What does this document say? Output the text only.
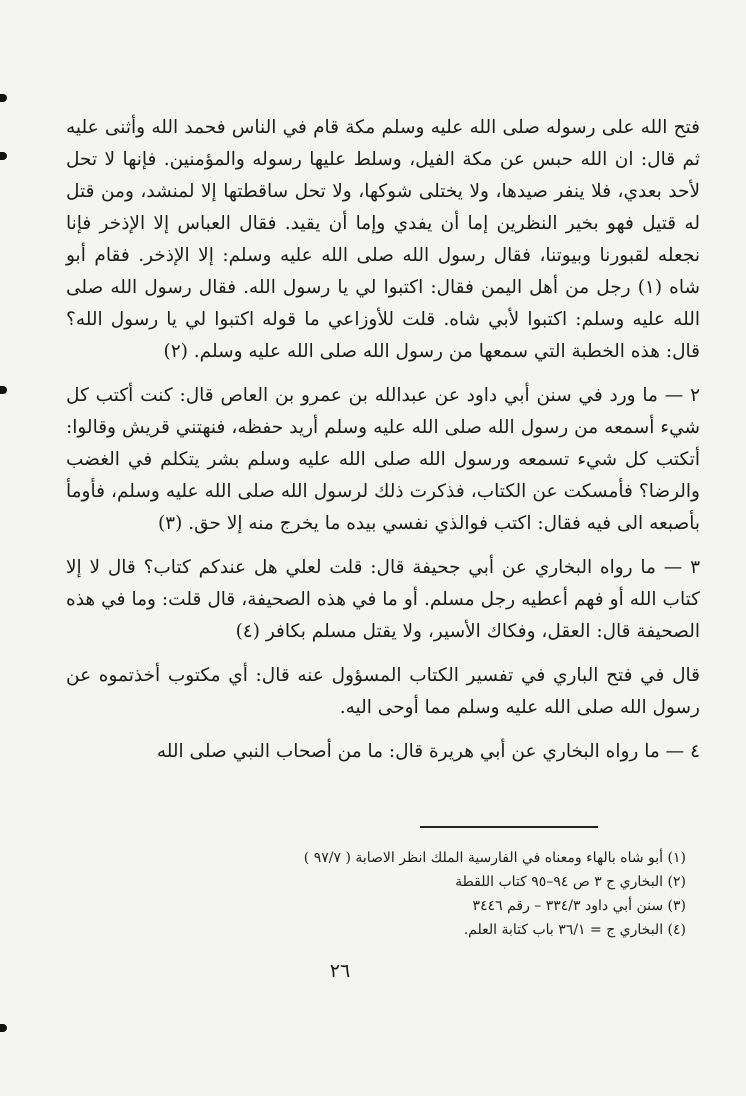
فتح الله على رسوله صلى الله عليه وسلم مكة قام في الناس فحمد الله وأثنى عليه ثم قال: ان الله حبس عن مكة الفيل، وسلط عليها رسوله والمؤمنين. فإنها لا تحل لأحد بعدي، فلا ينفر صيدها، ولا يختلى شوكها، ولا تحل ساقطتها إلا لمنشد، ومن قتل له قتيل فهو بخير النظرين إما أن يفدي وإما أن يقيد. فقال العباس إلا الإذخر فإنا نجعله لقبورنا وبيوتنا، فقال رسول الله صلى الله عليه وسلم: إلا الإذخر. فقام أبو شاه (١) رجل من أهل اليمن فقال: اكتبوا لي يا رسول الله. فقال رسول الله صلى الله عليه وسلم: اكتبوا لأبي شاه. قلت للأوزاعي ما قوله اكتبوا لي يا رسول الله؟ قال: هذه الخطبة التي سمعها من رسول الله صلى الله عليه وسلم. (٢)

٢ — ما ورد في سنن أبي داود عن عبدالله بن عمرو بن العاص قال: كنت أكتب كل شيء أسمعه من رسول الله صلى الله عليه وسلم أريد حفظه، فنهتني قريش وقالوا: أتكتب كل شيء تسمعه ورسول الله صلى الله عليه وسلم بشر يتكلم في الغضب والرضا؟ فأمسكت عن الكتاب، فذكرت ذلك لرسول الله صلى الله عليه وسلم، فأومأ بأصبعه الى فيه فقال: اكتب فوالذي نفسي بيده ما يخرج منه إلا حق. (٣)

٣ — ما رواه البخاري عن أبي جحيفة قال: قلت لعلي هل عندكم كتاب؟ قال لا إلا كتاب الله أو فهم أعطيه رجل مسلم. أو ما في هذه الصحيفة، قال قلت: وما في هذه الصحيفة قال: العقل، وفكاك الأسير، ولا يقتل مسلم بكافر (٤)

قال في فتح الباري في تفسير الكتاب المسؤول عنه قال: أي مكتوب أخذتموه عن رسول الله صلى الله عليه وسلم مما أوحى اليه.

٤ — ما رواه البخاري عن أبي هريرة قال: ما من أصحاب النبي صلى الله

(١) أبو شاه بالهاء ومعناه في الفارسية الملك انظر الاصابة ( ٩٧/٧ )
(٢) البخاري ج ٣ ص ٩٤–٩٥ كتاب اللقطة
(٣) سنن أبي داود ٣٣٤/٣ – رقم ٣٤٤٦
(٤) البخاري ج = ٣٦/١ باب كتابة العلم.
٢٦
